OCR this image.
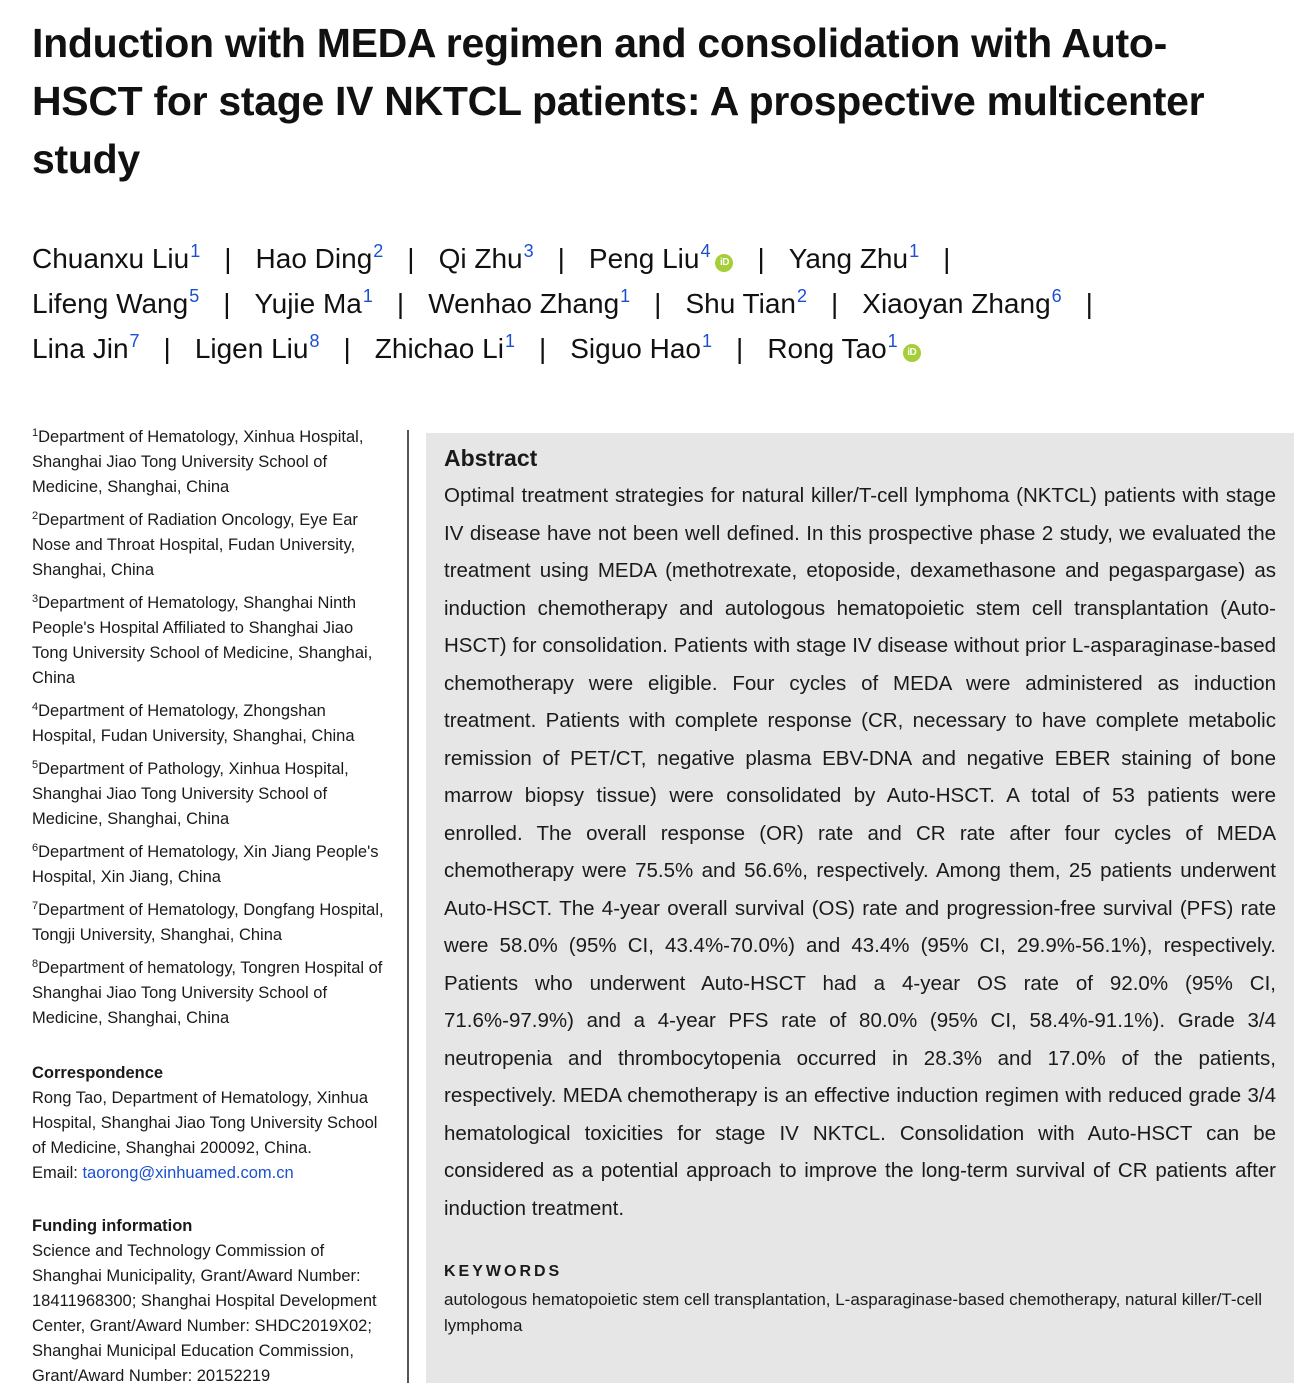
Induction with MEDA regimen and consolidation with Auto-HSCT for stage IV NKTCL patients: A prospective multicenter study
Chuanxu Liu$^1$ | Hao Ding$^2$ | Qi Zhu$^3$ | Peng Liu$^4$iD | Yang Zhu$^1$ |
Lifeng Wang$^5$ | Yujie Ma$^1$ | Wenhao Zhang$^1$ | Shu Tian$^2$ | Xiaoyan Zhang$^6$ |
Lina Jin$^7$ | Ligen Liu$^8$ | Zhichao Li$^1$ | Siguo Hao$^1$ | Rong Tao$^1$iD
$^1$Department of Hematology, Xinhua Hospital, Shanghai Jiao Tong University School of Medicine, Shanghai, China
$^2$Department of Radiation Oncology, Eye Ear Nose and Throat Hospital, Fudan University, Shanghai, China
$^3$Department of Hematology, Shanghai Ninth People's Hospital Affiliated to Shanghai Jiao Tong University School of Medicine, Shanghai, China
$^4$Department of Hematology, Zhongshan Hospital, Fudan University, Shanghai, China
$^5$Department of Pathology, Xinhua Hospital, Shanghai Jiao Tong University School of Medicine, Shanghai, China
$^6$Department of Hematology, Xin Jiang People's Hospital, Xin Jiang, China
$^7$Department of Hematology, Dongfang Hospital, Tongji University, Shanghai, China
$^8$Department of hematology, Tongren Hospital of Shanghai Jiao Tong University School of Medicine, Shanghai, China
Correspondence
Rong Tao, Department of Hematology, Xinhua Hospital, Shanghai Jiao Tong University School of Medicine, Shanghai 200092, China.
Email: taorong@xinhuamed.com.cn
Funding information
Science and Technology Commission of Shanghai Municipality, Grant/Award Number: 18411968300; Shanghai Hospital Development Center, Grant/Award Number: SHDC2019X02; Shanghai Municipal Education Commission, Grant/Award Number: 20152219
Abstract

Optimal treatment strategies for natural killer/T-cell lymphoma (NKTCL) patients with stage IV disease have not been well defined. In this prospective phase 2 study, we evaluated the treatment using MEDA (methotrexate, etoposide, dexamethasone and pegaspargase) as induction chemotherapy and autologous hematopoietic stem cell transplantation (Auto-HSCT) for consolidation. Patients with stage IV disease without prior L-asparaginase-based chemotherapy were eligible. Four cycles of MEDA were administered as induction treatment. Patients with complete response (CR, necessary to have complete metabolic remission of PET/CT, negative plasma EBV-DNA and negative EBER staining of bone marrow biopsy tissue) were consolidated by Auto-HSCT. A total of 53 patients were enrolled. The overall response (OR) rate and CR rate after four cycles of MEDA chemotherapy were 75.5% and 56.6%, respectively. Among them, 25 patients underwent Auto-HSCT. The 4-year overall survival (OS) rate and progression-free survival (PFS) rate were 58.0% (95% CI, 43.4%-70.0%) and 43.4% (95% CI, 29.9%-56.1%), respectively. Patients who underwent Auto-HSCT had a 4-year OS rate of 92.0% (95% CI, 71.6%-97.9%) and a 4-year PFS rate of 80.0% (95% CI, 58.4%-91.1%). Grade 3/4 neutropenia and thrombocytopenia occurred in 28.3% and 17.0% of the patients, respectively. MEDA chemotherapy is an effective induction regimen with reduced grade 3/4 hematological toxicities for stage IV NKTCL. Consolidation with Auto-HSCT can be considered as a potential approach to improve the long-term survival of CR patients after induction treatment.

KEYWORDS
autologous hematopoietic stem cell transplantation, L-asparaginase-based chemotherapy, natural killer/T-cell lymphoma
